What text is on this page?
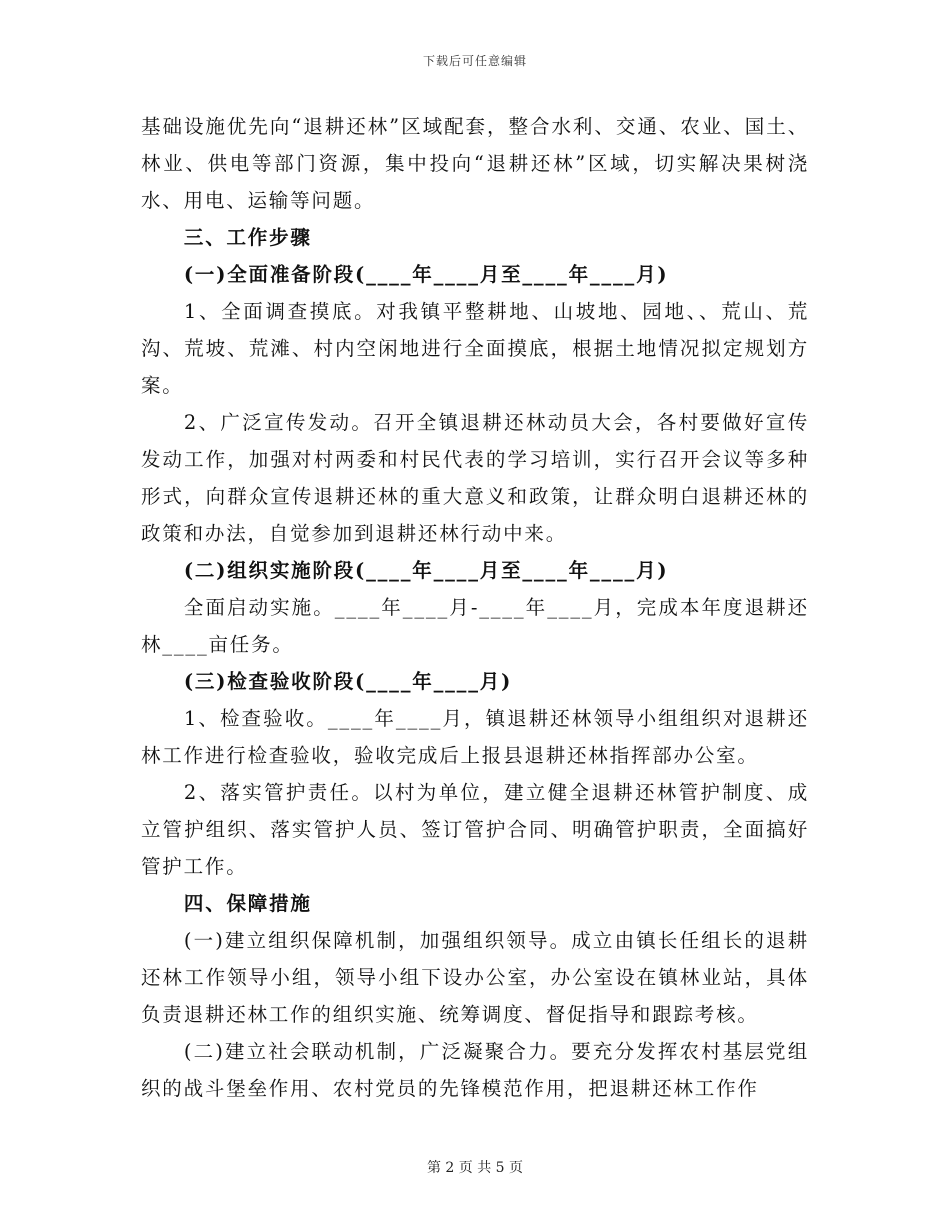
下载后可任意编辑

基础设施优先向“退耕还林”区域配套，整合水利、交通、农业、国土、林业、供电等部门资源，集中投向“退耕还林”区域，切实解决果树浇水、用电、运输等问题。

三、工作步骤

(一)全面准备阶段(____年____月至____年____月)

1、全面调查摸底。对我镇平整耕地、山坡地、园地、、荒山、荒沟、荒坡、荒滩、村内空闲地进行全面摸底，根据土地情况拟定规划方案。

2、广泛宣传发动。召开全镇退耕还林动员大会，各村要做好宣传发动工作，加强对村两委和村民代表的学习培训，实行召开会议等多种形式，向群众宣传退耕还林的重大意义和政策，让群众明白退耕还林的政策和办法，自觉参加到退耕还林行动中来。

(二)组织实施阶段(____年____月至____年____月)

全面启动实施。____年____月-____年____月，完成本年度退耕还林____亩任务。

(三)检查验收阶段(____年____月)

1、检查验收。____年____月，镇退耕还林领导小组组织对退耕还林工作进行检查验收，验收完成后上报县退耕还林指挥部办公室。

2、落实管护责任。以村为单位，建立健全退耕还林管护制度、成立管护组织、落实管护人员、签订管护合同、明确管护职责，全面搞好管护工作。

四、保障措施

(一)建立组织保障机制，加强组织领导。成立由镇长任组长的退耕还林工作领导小组，领导小组下设办公室，办公室设在镇林业站，具体负责退耕还林工作的组织实施、统筹调度、督促指导和跟踪考核。

(二)建立社会联动机制，广泛凝聚合力。要充分发挥农村基层党组织的战斗堡垒作用、农村党员的先锋模范作用，把退耕还林工作作

第 2 页 共 5 页
